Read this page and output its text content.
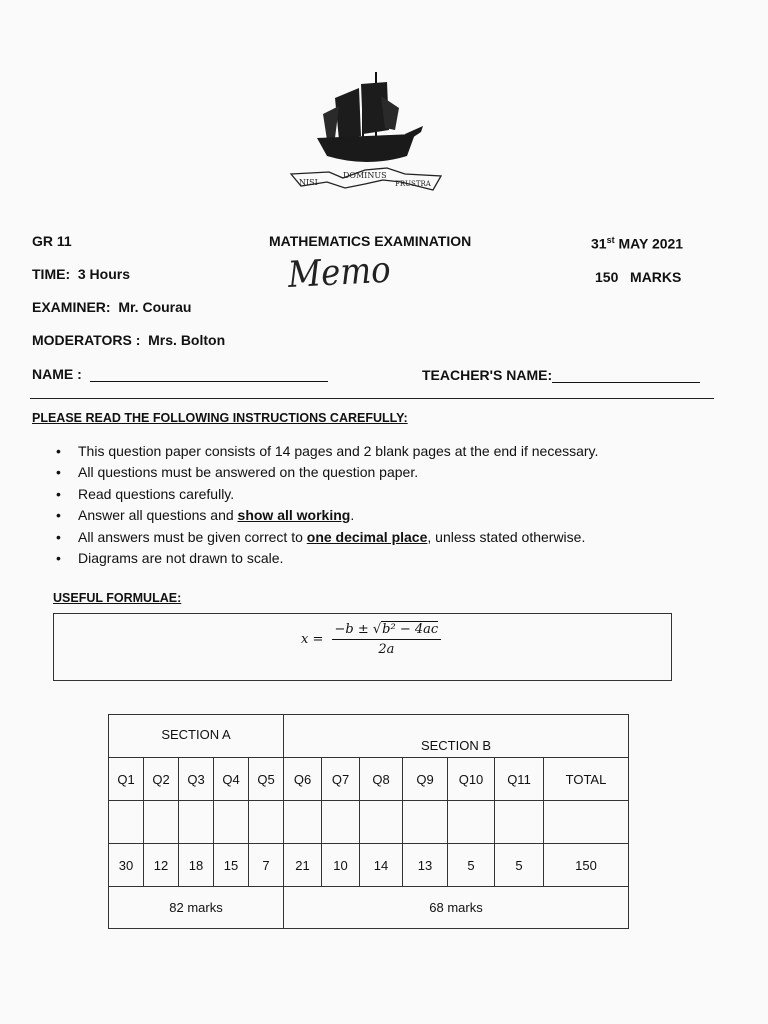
NISI
DOMINUS
FRUSTRA
GR 11	MATHEMATICS EXAMINATION	31st MAY 2021
TIME:  3 Hours	Memo	150   MARKS
EXAMINER:  Mr. Courau
MODERATORS :  Mrs. Bolton
NAME :	TEACHER'S NAME:
PLEASE READ THE FOLLOWING INSTRUCTIONS CAREFULLY:
• This question paper consists of 14 pages and 2 blank pages at the end if necessary.
• All questions must be answered on the question paper.
• Read questions carefully.
• Answer all questions and show all working.
• All answers must be given correct to one decimal place, unless stated otherwise.
• Diagrams are not drawn to scale.
USEFUL FORMULAE:
$x = \frac{\text{−b ± √b² − 4ac}}{2a}$
SECTION A					SECTION B						
Q1	Q2	Q3	Q4	Q5	Q6	Q7	Q8	Q9	Q10	Q11	TOTAL

30	12	18	15	7	21	10	14	13	5	5	150
82 marks					68 marks						
